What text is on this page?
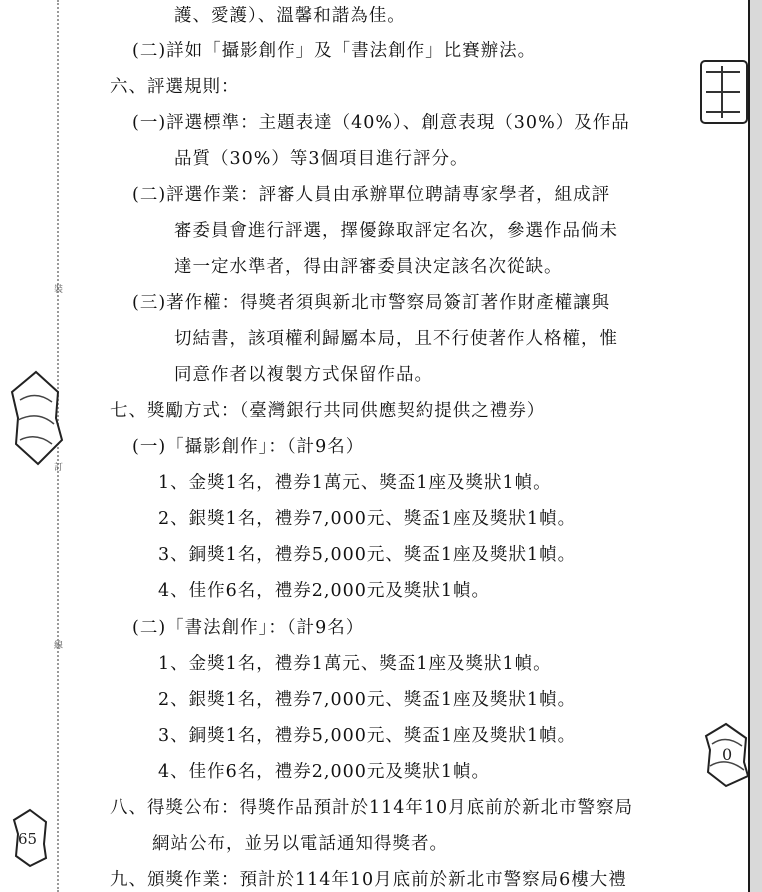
裝
訂
線
0
65
護、愛護）、溫馨和諧為佳。
(二)詳如「攝影創作」及「書法創作」比賽辦法。
六、評選規則：
(一)評選標準：主題表達（40%）、創意表現（30%）及作品
品質（30%）等3個項目進行評分。
(二)評選作業：評審人員由承辦單位聘請專家學者，組成評
審委員會進行評選，擇優錄取評定名次，參選作品倘未
達一定水準者，得由評審委員決定該名次從缺。
(三)著作權：得獎者須與新北市警察局簽訂著作財產權讓與
切結書，該項權利歸屬本局，且不行使著作人格權，惟
同意作者以複製方式保留作品。
七、獎勵方式：（臺灣銀行共同供應契約提供之禮券）
(一)「攝影創作」：（計9名）
1、金獎1名，禮券1萬元、獎盃1座及獎狀1幀。
2、銀獎1名，禮券7,000元、獎盃1座及獎狀1幀。
3、銅獎1名，禮券5,000元、獎盃1座及獎狀1幀。
4、佳作6名，禮券2,000元及獎狀1幀。
(二)「書法創作」：（計9名）
1、金獎1名，禮券1萬元、獎盃1座及獎狀1幀。
2、銀獎1名，禮券7,000元、獎盃1座及獎狀1幀。
3、銅獎1名，禮券5,000元、獎盃1座及獎狀1幀。
4、佳作6名，禮券2,000元及獎狀1幀。
八、得獎公布：得獎作品預計於114年10月底前於新北市警察局
網站公布，並另以電話通知得獎者。
九、頒獎作業：預計於114年10月底前於新北市警察局6樓大禮
